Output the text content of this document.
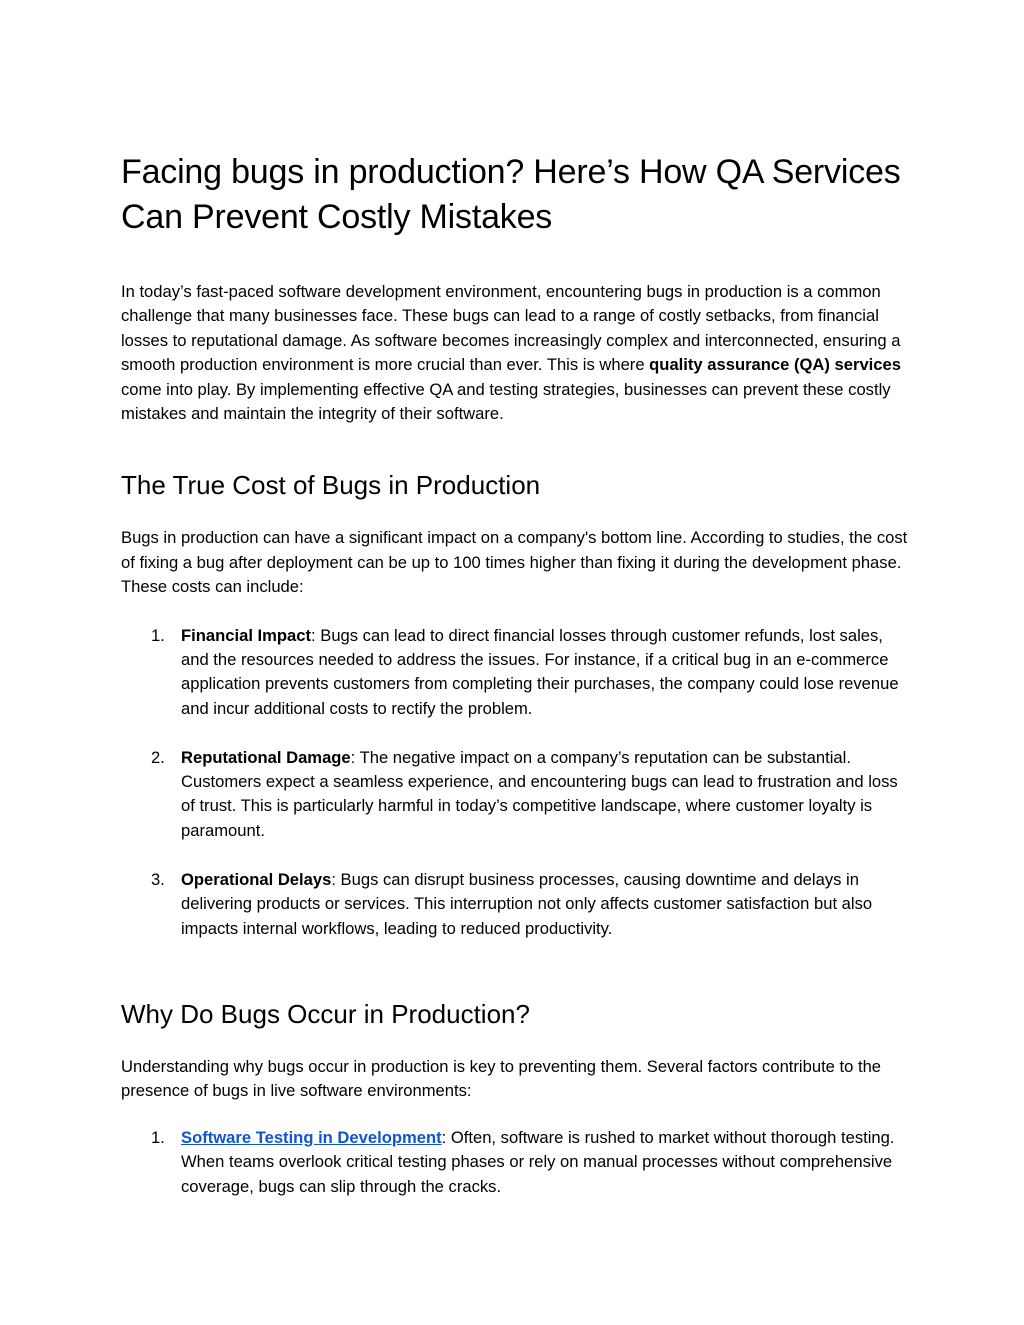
Facing bugs in production? Here’s How QA Services Can Prevent Costly Mistakes

In today’s fast-paced software development environment, encountering bugs in production is a common challenge that many businesses face. These bugs can lead to a range of costly setbacks, from financial losses to reputational damage. As software becomes increasingly complex and interconnected, ensuring a smooth production environment is more crucial than ever. This is where quality assurance (QA) services come into play. By implementing effective QA and testing strategies, businesses can prevent these costly mistakes and maintain the integrity of their software.

The True Cost of Bugs in Production

Bugs in production can have a significant impact on a company's bottom line. According to studies, the cost of fixing a bug after deployment can be up to 100 times higher than fixing it during the development phase. These costs can include:

1. Financial Impact: Bugs can lead to direct financial losses through customer refunds, lost sales, and the resources needed to address the issues. For instance, if a critical bug in an e-commerce application prevents customers from completing their purchases, the company could lose revenue and incur additional costs to rectify the problem.
2. Reputational Damage: The negative impact on a company’s reputation can be substantial. Customers expect a seamless experience, and encountering bugs can lead to frustration and loss of trust. This is particularly harmful in today’s competitive landscape, where customer loyalty is paramount.
3. Operational Delays: Bugs can disrupt business processes, causing downtime and delays in delivering products or services. This interruption not only affects customer satisfaction but also impacts internal workflows, leading to reduced productivity.
Why Do Bugs Occur in Production?

Understanding why bugs occur in production is key to preventing them. Several factors contribute to the presence of bugs in live software environments:

1. Software Testing in Development: Often, software is rushed to market without thorough testing. When teams overlook critical testing phases or rely on manual processes without comprehensive coverage, bugs can slip through the cracks.
